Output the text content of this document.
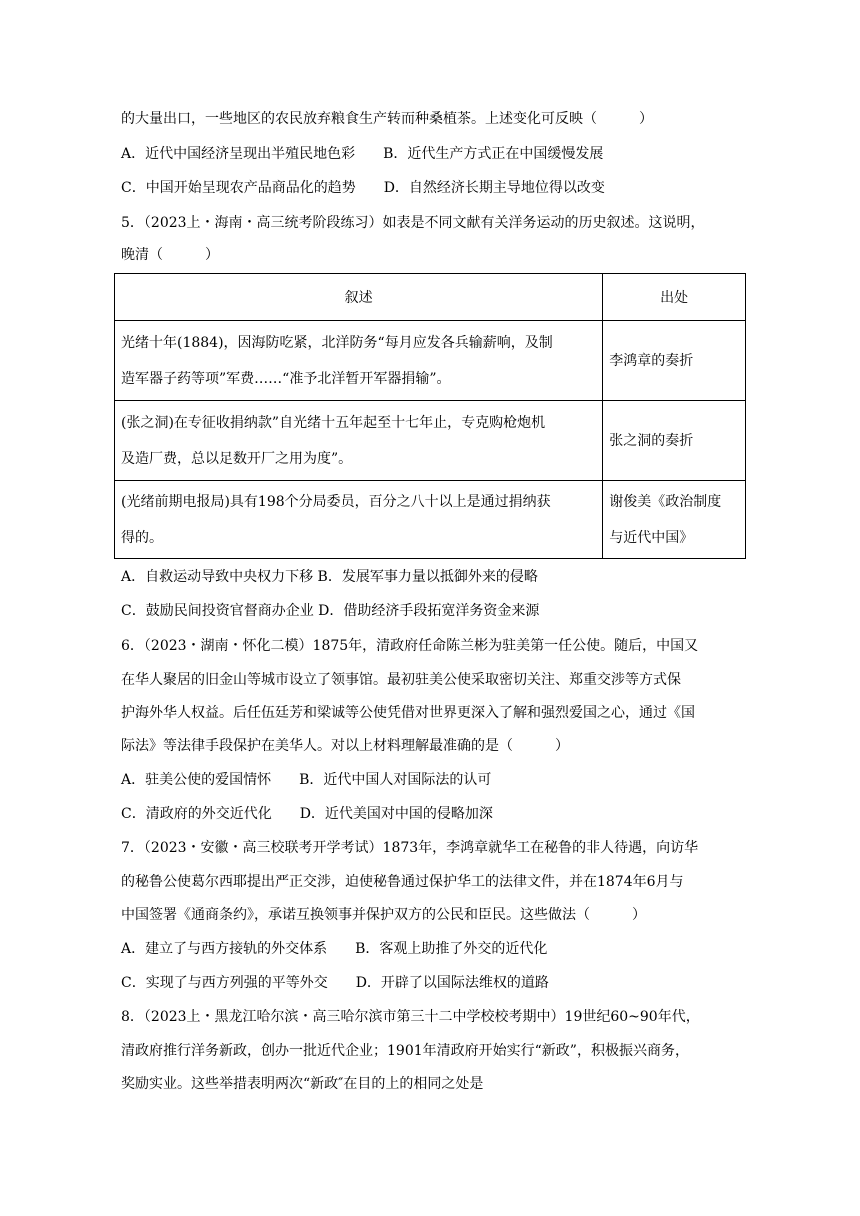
的大量出口，一些地区的农民放弃粮食生产转而种桑植茶。上述变化可反映（　　　）
A．近代中国经济呈现出半殖民地色彩　　B．近代生产方式正在中国缓慢发展
C．中国开始呈现农产品商品化的趋势　　D．自然经济长期主导地位得以改变
5．（2023上・海南・高三统考阶段练习）如表是不同文献有关洋务运动的历史叙述。这说明，
晚清（　　　）
叙述	出处

光绪十年(1884)，因海防吃紧，北洋防务“每月应发各兵输薪响，及制
造军器子药等项”军费……“准予北洋暂开军器捐输”。	李鸿章的奏折

(张之洞)在专征收捐纳款”自光绪十五年起至十七年止，专克购枪炮机
及造厂费，总以足数开厂之用为度”。	张之洞的奏折

(光绪前期电报局)具有198个分局委员，百分之八十以上是通过捐纳获
得的。	谢俊美《政治制度
与近代中国》
A．自救运动导致中央权力下移 B．发展军事力量以抵御外来的侵略
C．鼓励民间投资官督商办企业 D．借助经济手段拓宽洋务资金来源
6．（2023・湖南・怀化二模）1875年，清政府任命陈兰彬为驻美第一任公使。随后，中国又
在华人聚居的旧金山等城市设立了领事馆。最初驻美公使采取密切关注、郑重交涉等方式保
护海外华人权益。后任伍廷芳和梁诚等公使凭借对世界更深入了解和强烈爱国之心，通过《国
际法》等法律手段保护在美华人。对以上材料理解最准确的是（　　　）
A．驻美公使的爱国情怀　　B．近代中国人对国际法的认可
C．清政府的外交近代化　　D．近代美国对中国的侵略加深
7．（2023・安徽・高三校联考开学考试）1873年，李鸿章就华工在秘鲁的非人待遇，向访华
的秘鲁公使葛尔西耶提出严正交涉，迫使秘鲁通过保护华工的法律文件，并在1874年6月与
中国签署《通商条约》，承诺互换领事并保护双方的公民和臣民。这些做法（　　　）
A．建立了与西方接轨的外交体系　　B．客观上助推了外交的近代化
C．实现了与西方列强的平等外交　　D．开辟了以国际法维权的道路
8．（2023上・黑龙江哈尔滨・高三哈尔滨市第三十二中学校校考期中）19世纪60~90年代，
清政府推行洋务新政，创办一批近代企业；1901年清政府开始实行“新政”，积极振兴商务，
奖励实业。这些举措表明两次“新政″在目的上的相同之处是
